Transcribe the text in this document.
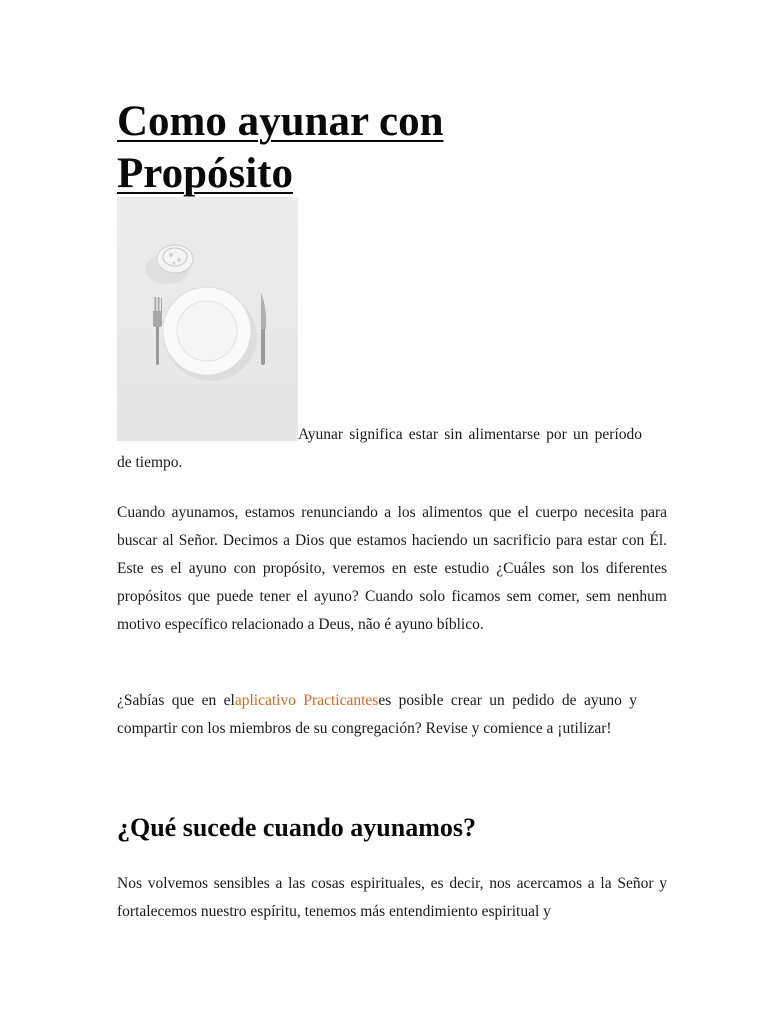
Como ayunar con
Propósito

Ayunar significa estar sin alimentarse por un período de tiempo.

Cuando ayunamos, estamos renunciando a los alimentos que el cuerpo necesita para buscar al Señor. Decimos a Dios que estamos haciendo un sacrificio para estar con Él. Este es el ayuno con propósito, veremos en este estudio ¿Cuáles son los diferentes propósitos que puede tener el ayuno? Cuando solo ficamos sem comer, sem nenhum motivo específico relacionado a Deus, não é ayuno bíblico.

¿Sabías que en elaplicativo Practicanteses posible crear un pedido de ayuno y compartir con los miembros de su congregación? Revise y comience a ¡utilizar!

¿Qué sucede cuando ayunamos?

Nos volvemos sensibles a las cosas espirituales, es decir, nos acercamos a la Señor y fortalecemos nuestro espíritu, tenemos más entendimiento espiritual y
